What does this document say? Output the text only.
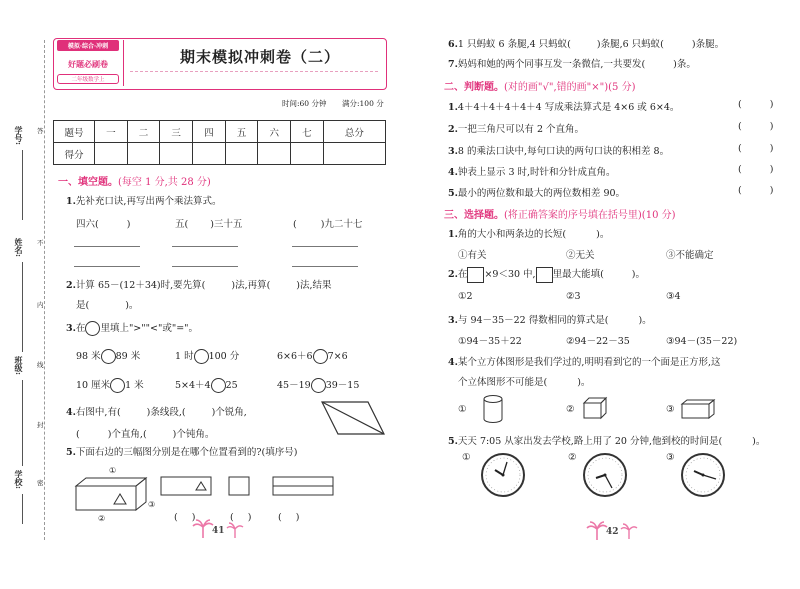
学号:
姓名:
班级:
学校:
答
不
内
线
封
密
模拟·综合·冲刺
好题必刷卷
二年级数学上
期末模拟冲刺卷（二）
时间:60 分钟 满分:100 分
题号	一	二	三	四	五	六	七	总分
得分								
一、填空题。(每空 1 分,共 28 分)
1.先补充口诀,再写出两个乘法算式。
四六(	)	五( )三十五	(	)九二十七
2.计算 65－(12＋34)时,要先算(	)法,再算(	)法,结果
是(	)。
3.在 里填上">""<"或"="。
98 米 89 米	1 时 100 分	6×6＋6 7×6
10 厘米 1 米	5×4＋4 25	45－19 39－15
4.右图中,有(	)条线段,(	)个锐角,
(	)个直角,(	)个钝角。
5.下面右边的三幅图分别是在哪个位置看到的?(填序号)
①
③
②	( )	( )	( )
41
6.1 只蚂蚁 6 条腿,4 只蚂蚁(	)条腿,6 只蚂蚁(	)条腿。
7.妈妈和她的两个同事互发一条微信,一共要发(	)条。
二、判断题。(对的画"√",错的画"×")(5 分)
1.4＋4＋4＋4＋4＋4 写成乘法算式是 4×6 或 6×4。	(	)
2.一把三角尺可以有 2 个直角。	(	)
3.8 的乘法口诀中,每句口诀的两句口诀的积相差 8。	(	)
4.钟表上显示 3 时,时针和分针成直角。	(	)
5.最小的两位数和最大的两位数相差 90。	(	)
三、选择题。(将正确答案的序号填在括号里)(10 分)
1.角的大小和两条边的长短(	)。
①有关	②无关	③不能确定
2.在 ×9＜30 中, 里最大能填(	)。
①2	②3	③4
3.与 94－35－22 得数相同的算式是(	)。
①94－35＋22	②94－22－35	③94－(35－22)
4.某个立方体图形是我们学过的,明明看到它的一个面是正方形,这
个立体图形不可能是(	)。
①	②	③
5.天天 7:05 从家出发去学校,路上用了 20 分钟,他到校的时间是(	)。
①	②	③
42
